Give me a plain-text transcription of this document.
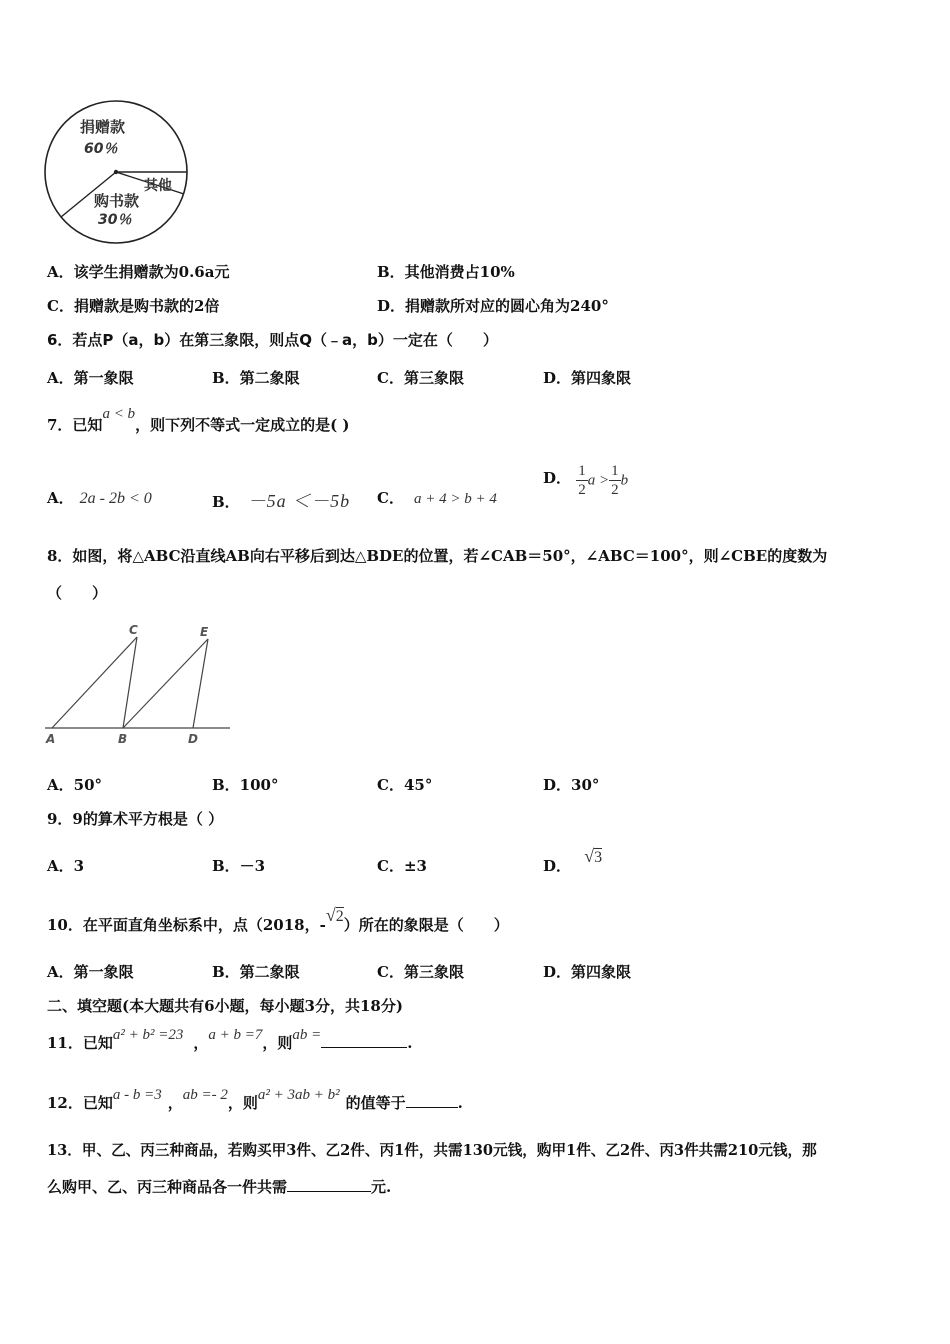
捐赠款
60％
其他
购书款
30％
A．该学生捐赠款为0.6a元	B．其他消费占10%
C．捐赠款是购书款的2倍	D．捐赠款所对应的圆心角为240°
6．若点P（a，b）在第三象限，则点Q（﹣a，b）一定在（　　）
A．第一象限	B．第二象限	C．第三象限	D．第四象限
7．已知a < b，则下列不等式一定成立的是( )
A． 2a - 2b < 0	B． －5a ＜－5b C． a + 4 > b + 4
D． $\frac{1}{2}$ $a > \frac{1}{2}$ b
8．如图，将△ABC沿直线AB向右平移后到达△BDE的位置，若∠CAB＝50°，∠ABC＝100°，则∠CBE的度数为
（　　）
A	B	D
C	E
A．50°	B．100°	C．45°	D．30°
9．9的算术平方根是（ ）
A．3	B．－3	C．±3	D． √3
10．在平面直角坐标系中，点（2018，-√2）所在的象限是（　　）
A．第一象限	B．第二象限	C．第三象限	D．第四象限
二、填空题(本大题共有6小题，每小题3分，共18分)
11．已知a² + b² =23 ，a + b =7，则ab =	.
12．已知a - b =3 ，ab =- 2，则a² + 3ab + b² 的值等于	.
13．甲、乙、丙三种商品，若购买甲3件、乙2件、丙1件，共需130元钱，购甲1件、乙2件、丙3件共需210元钱，那
么购甲、乙、丙三种商品各一件共需	元.
